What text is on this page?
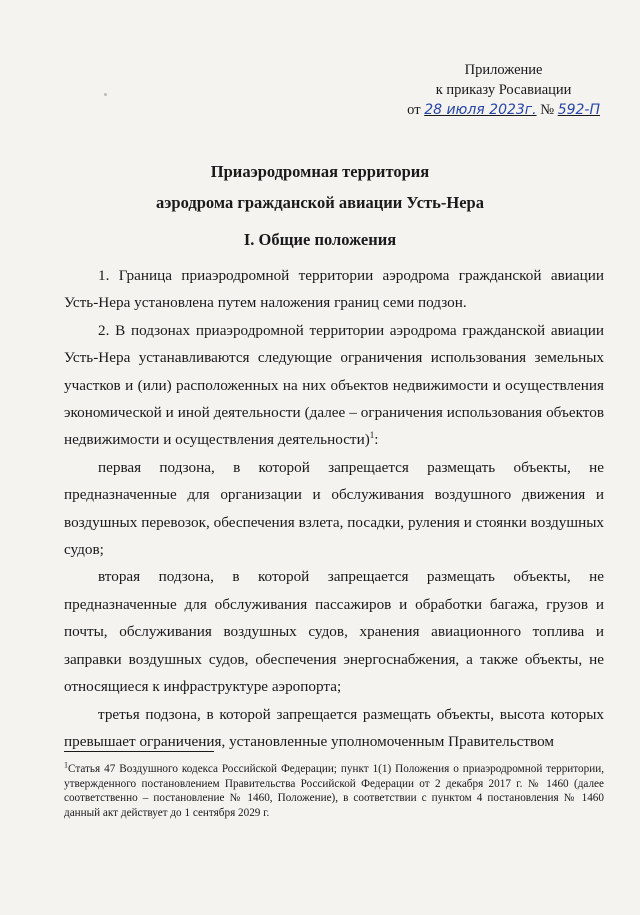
Приложение
к приказу Росавиации
от 28 июля 2023г. № 592-П
Приаэродромная территория
аэродрома гражданской авиации Усть-Нера
I. Общие положения

1. Граница приаэродромной территории аэродрома гражданской авиации Усть-Нера установлена путем наложения границ семи подзон.

2. В подзонах приаэродромной территории аэродрома гражданской авиации Усть-Нера устанавливаются следующие ограничения использования земельных участков и (или) расположенных на них объектов недвижимости и осуществления экономической и иной деятельности (далее – ограничения использования объектов недвижимости и осуществления деятельности)$^1$:

первая подзона, в которой запрещается размещать объекты, не предназначенные для организации и обслуживания воздушного движения и воздушных перевозок, обеспечения взлета, посадки, руления и стоянки воздушных судов;

вторая подзона, в которой запрещается размещать объекты, не предназначенные для обслуживания пассажиров и обработки багажа, грузов и почты, обслуживания воздушных судов, хранения авиационного топлива и заправки воздушных судов, обеспечения энергоснабжения, а также объекты, не относящиеся к инфраструктуре аэропорта;

третья подзона, в которой запрещается размещать объекты, высота которых превышает ограничения, установленные уполномоченным Правительством

$^1$Статья 47 Воздушного кодекса Российской Федерации; пункт 1(1) Положения о приаэродромной территории, утвержденного постановлением Правительства Российской Федерации от 2 декабря 2017 г. № 1460 (далее соответственно – постановление № 1460, Положение), в соответствии с пунктом 4 постановления № 1460 данный акт действует до 1 сентября 2029 г.
